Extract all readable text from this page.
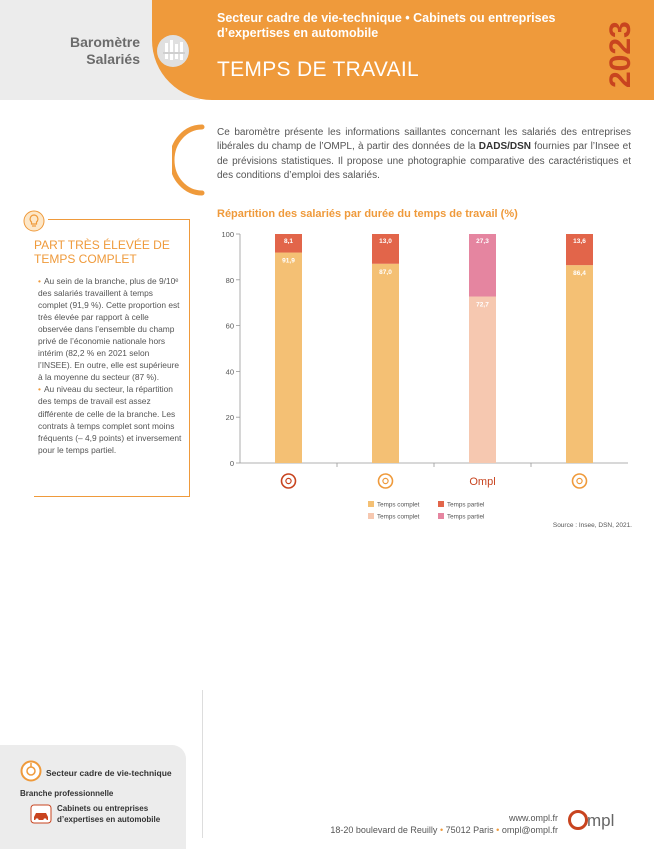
Baromètre
Salariés
Secteur cadre de vie-technique • Cabinets ou entreprises
d’expertises en automobile
TEMPS DE TRAVAIL	2023

Ce baromètre présente les informations saillantes concernant les salariés des entreprises libérales du champ de l’OMPL, à partir des données de la DADS/DSN fournies par l’Insee et de prévisions statistiques. Il propose une photographie comparative des caractéristiques et des conditions d’emploi des salariés.

PART TRÈS ÉLEVÉE DE TEMPS COMPLET

• Au sein de la branche, plus de 9/10ᵉ des salariés travaillent à temps complet (91,9 %). Cette proportion est très élevée par rapport à celle observée dans l’ensemble du champ privé de l’économie nationale hors intérim (82,2 % en 2021 selon l’INSEE). En outre, elle est supérieure à la moyenne du secteur (87 %).

• Au niveau du secteur, la répartition des temps de travail est assez différente de celle de la branche. Les contrats à temps complet sont moins fréquents (– 4,9 points) et inversement pour le temps partiel.

Répartition des salariés par durée du temps de travail (%)
0
20
40
60
80
100
91,9
8,1
87,0
13,0
72,7
27,3
Ompl
86,4
13,6
Temps complet	Temps partiel
Temps complet	Temps partiel
Source : Insee, DSN, 2021.
Secteur cadre de vie-technique
Branche professionnelle
Cabinets ou entreprises d’expertises en automobile	www.ompl.fr
18-20 boulevard de Reuilly • 75012 Paris • ompl@ompl.fr mpl
